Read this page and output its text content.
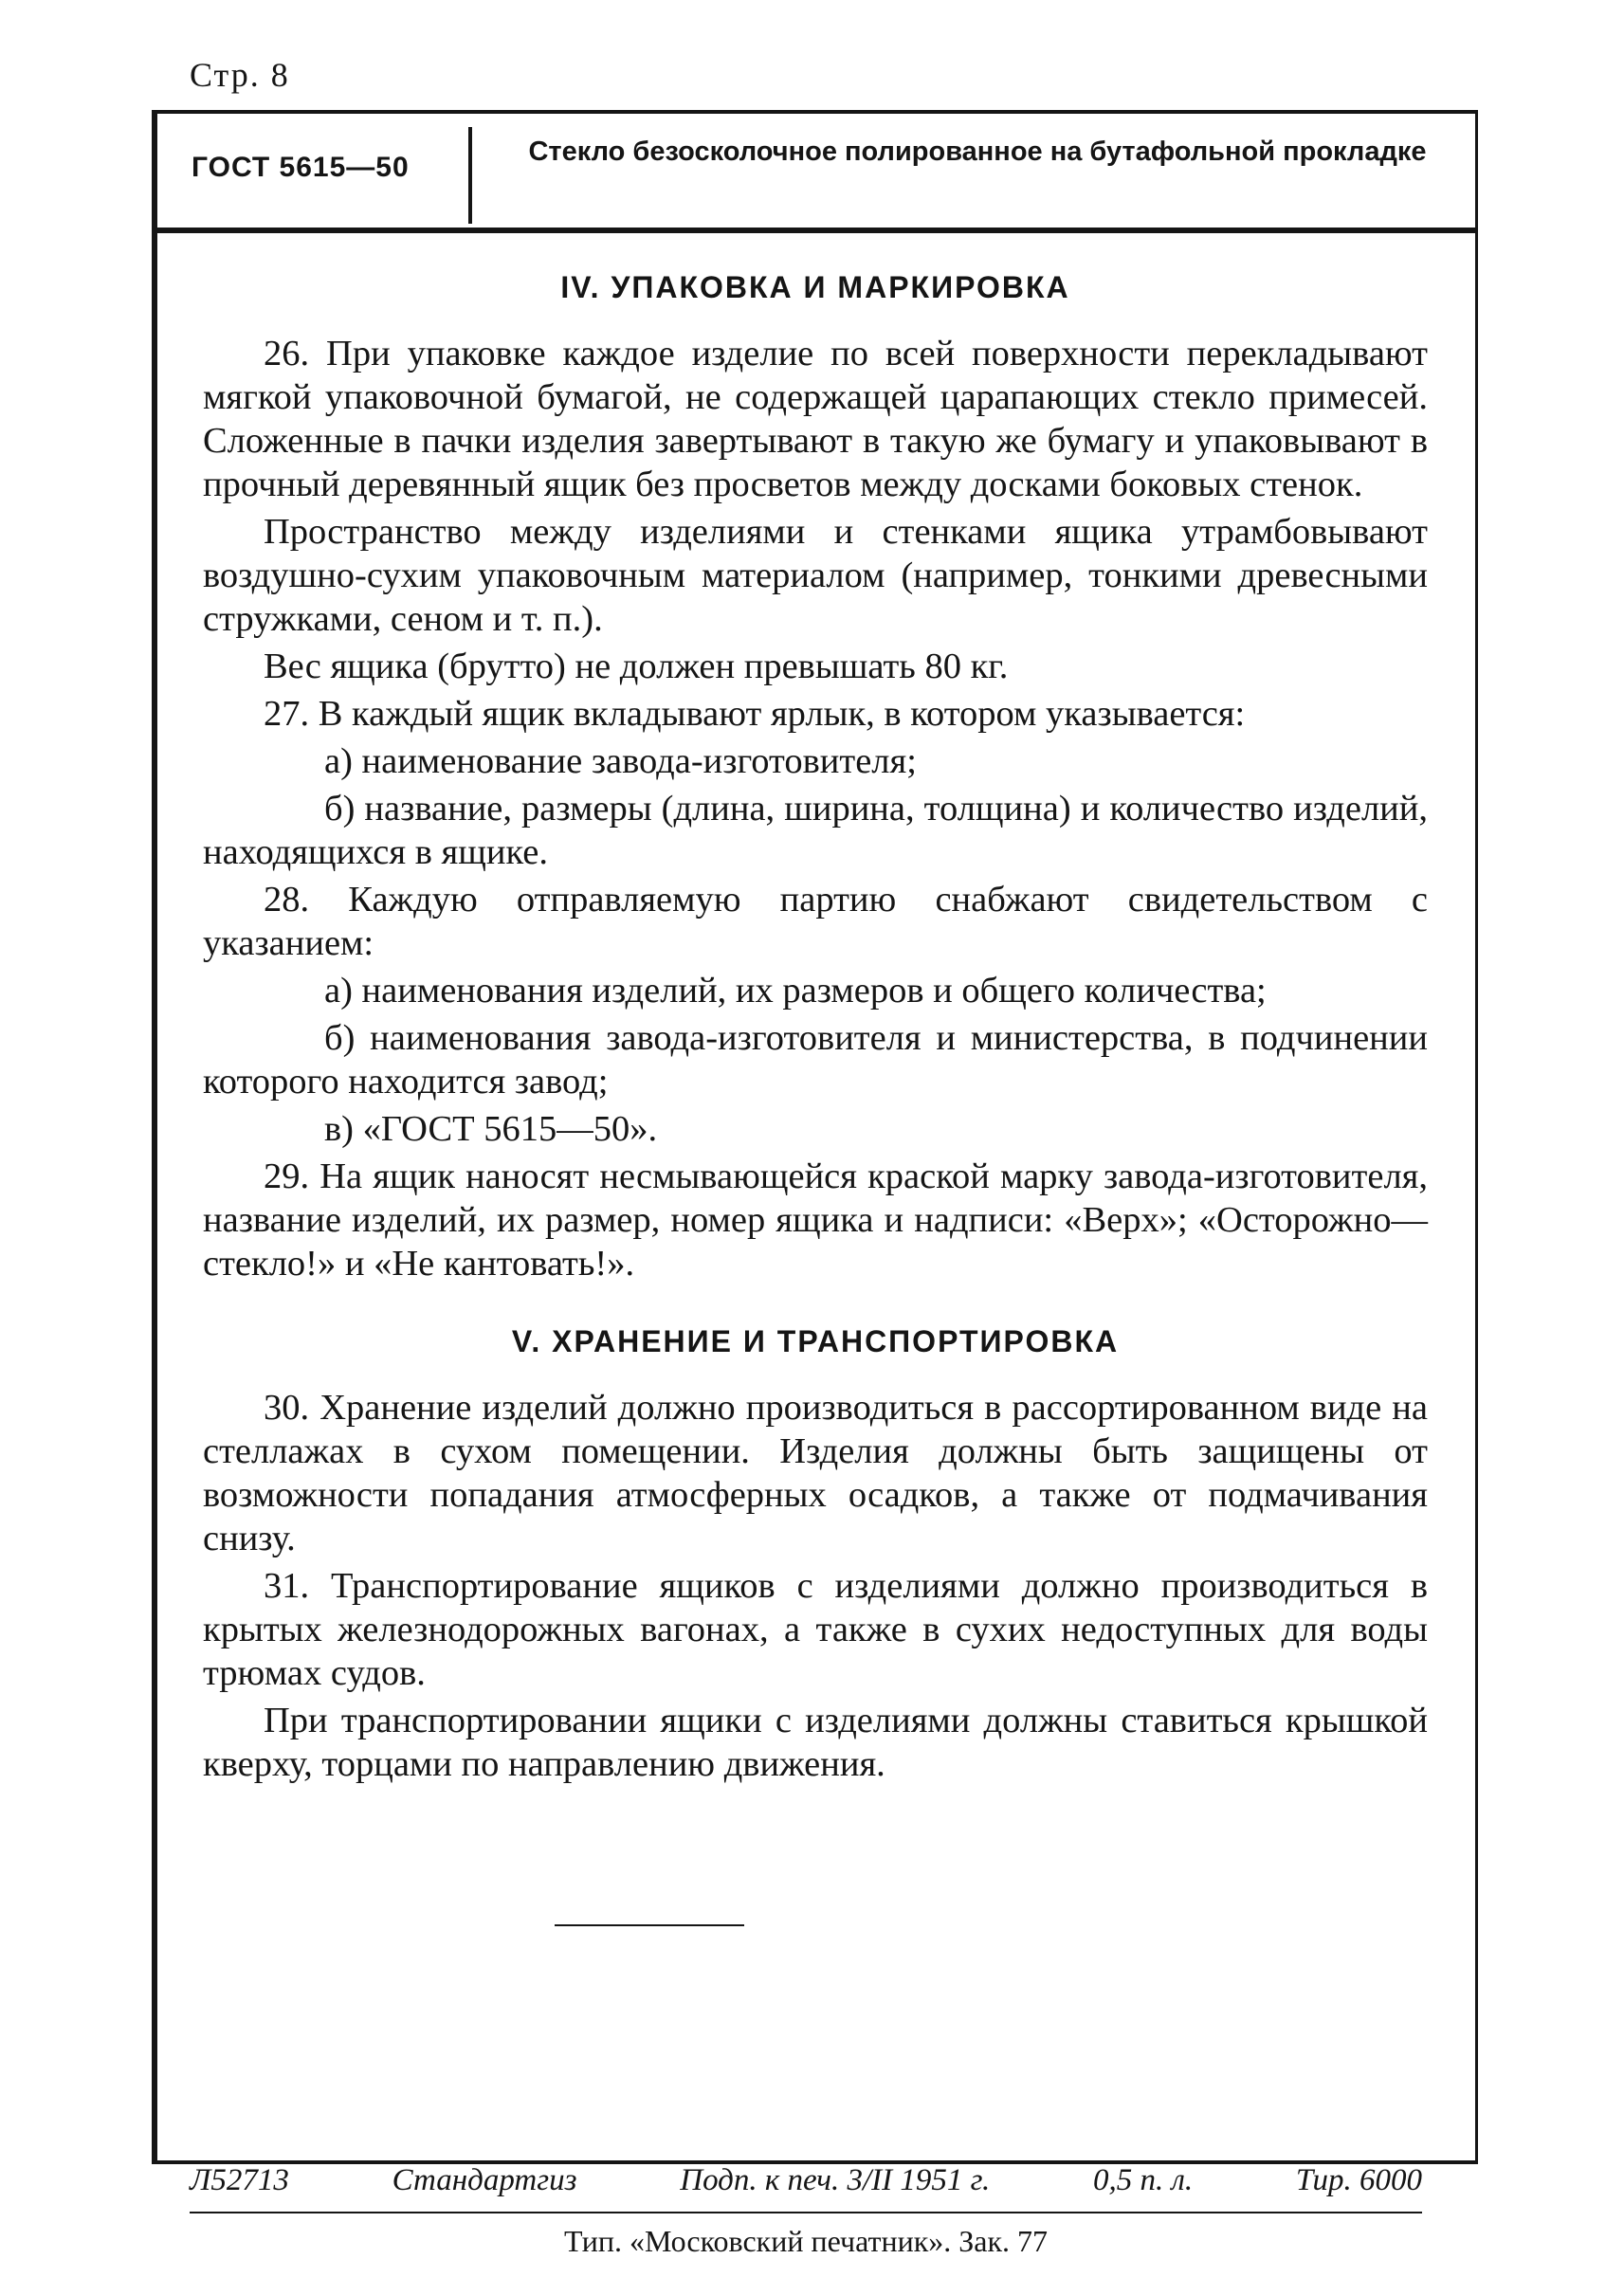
Стр. 8
ГОСТ 5615—50	Стекло безосколочное полированное на бутафольной прокладке
IV. УПАКОВКА И МАРКИРОВКА

26. При упаковке каждое изделие по всей поверхности перекладывают мягкой упаковочной бумагой, не содержащей царапающих стекло примесей. Сложенные в пачки изделия завертывают в такую же бумагу и упаковывают в прочный деревянный ящик без просветов между досками боковых стенок.

Пространство между изделиями и стенками ящика утрамбовывают воздушно-сухим упаковочным материалом (например, тонкими древесными стружками, сеном и т. п.).

Вес ящика (брутто) не должен превышать 80 кг.

27. В каждый ящик вкладывают ярлык, в котором указывается:

а) наименование завода-изготовителя;

б) название, размеры (длина, ширина, толщина) и количество изделий, находящихся в ящике.

28. Каждую отправляемую партию снабжают свидетельством с указанием:

а) наименования изделий, их размеров и общего количества;

б) наименования завода-изготовителя и министерства, в подчинении которого находится завод;

в) «ГОСТ 5615—50».

29. На ящик наносят несмывающейся краской марку завода-изготовителя, название изделий, их размер, номер ящика и надписи: «Верх»; «Осторожно—стекло!» и «Не кантовать!».

V. ХРАНЕНИЕ И ТРАНСПОРТИРОВКА

30. Хранение изделий должно производиться в рассортированном виде на стеллажах в сухом помещении. Изделия должны быть защищены от возможности попадания атмосферных осадков, а также от подмачивания снизу.

31. Транспортирование ящиков с изделиями должно производиться в крытых железнодорожных вагонах, а также в сухих недоступных для воды трюмах судов.

При транспортировании ящики с изделиями должны ставиться крышкой кверху, торцами по направлению движения.

Л52713	Стандартгиз	Подп. к печ. 3/II 1951 г.	0,5 п. л.	Тир. 6000
Тип. «Московский печатник». Зак. 77
